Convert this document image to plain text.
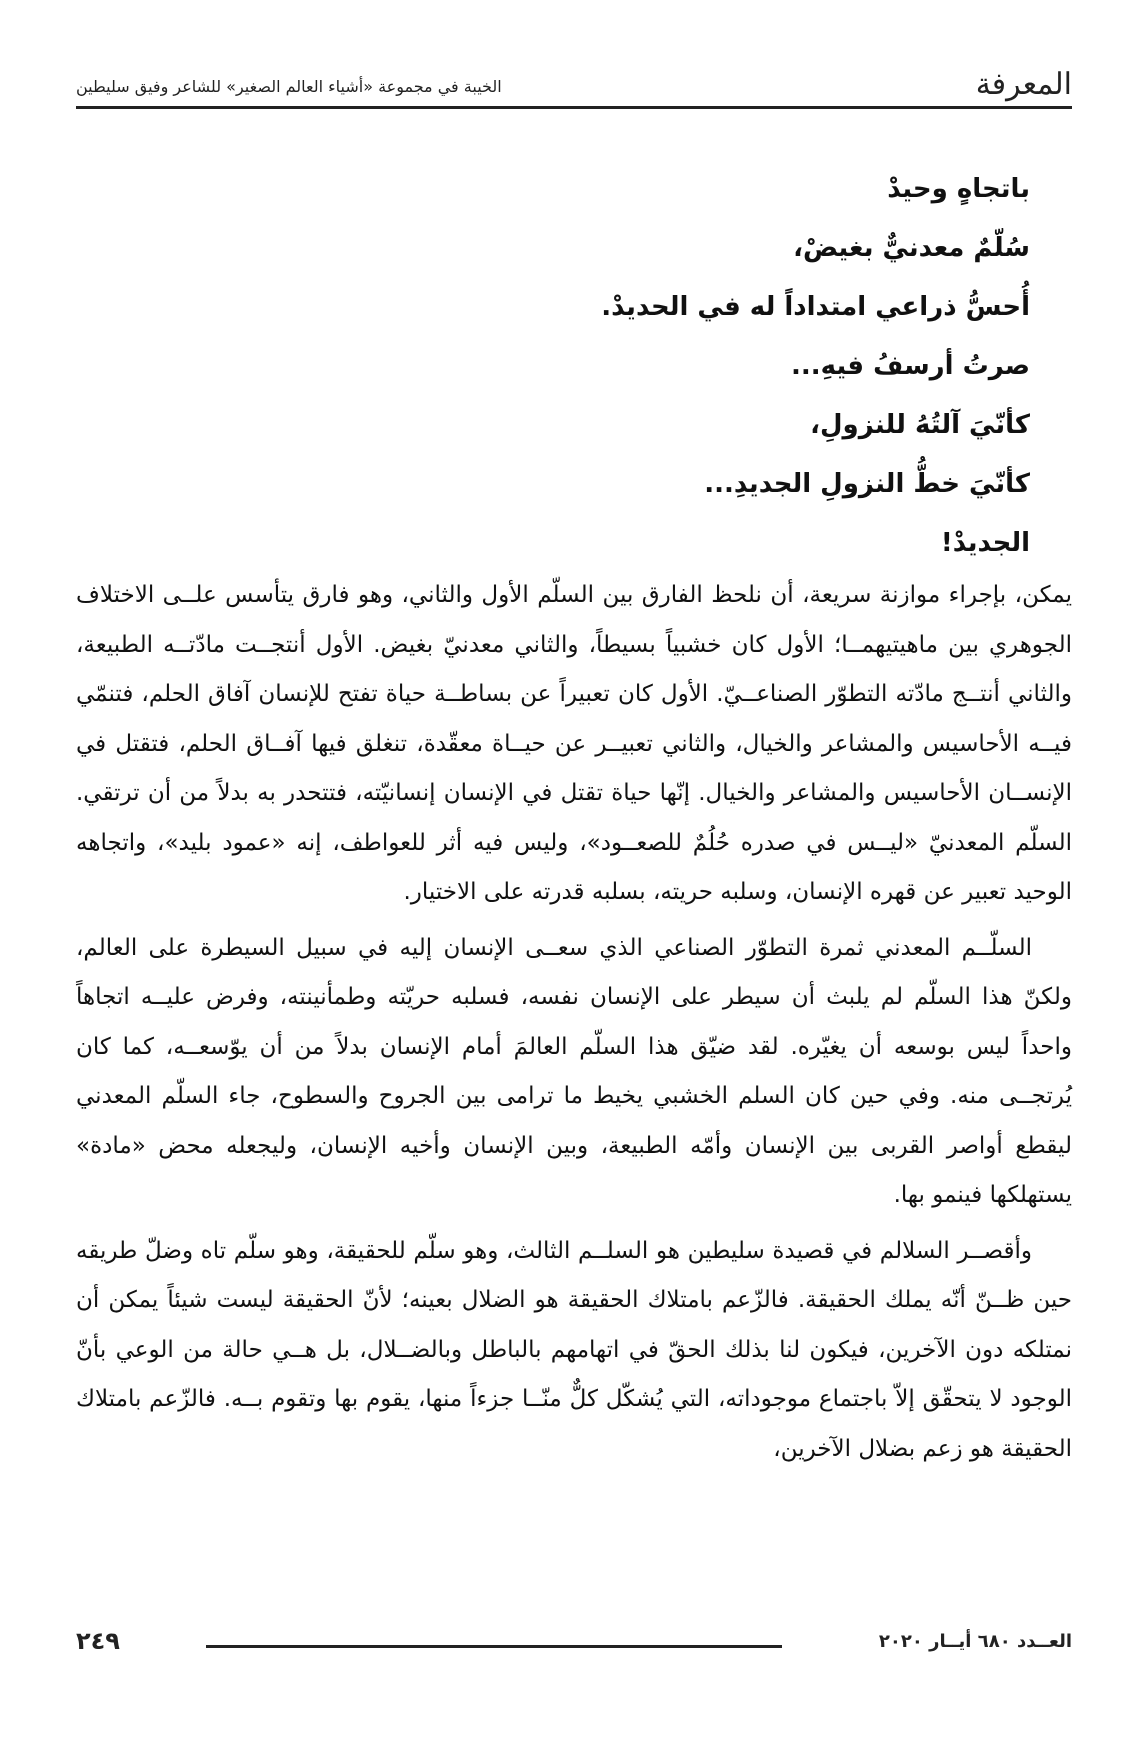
المعرفة
الخيبة في مجموعة «أشياء العالم الصغير» للشاعر وفيق سليطين
باتجاهٍ وحيدْ
سُلّمٌ معدنيٌّ بغيضْ،
أُحسُّ ذراعي امتداداً له في الحديدْ.
صرتُ أرسفُ فيهِ...
كأنّيَ آلتُهُ للنزولِ،
كأنّيَ خطُّ النزولِ الجديدِ...
الجديدْ!

يمكن، بإجراء موازنة سريعة، أن نلحظ الفارق بين السلّم الأول والثاني، وهو فارق يتأسس علــى الاختلاف الجوهري بين ماهيتيهمــا؛ الأول كان خشبياً بسيطاً، والثاني معدنيّ بغيض. الأول أنتجــت مادّتــه الطبيعة، والثاني أنتــج مادّته التطوّر الصناعــيّ. الأول كان تعبيراً عن بساطــة حياة تفتح للإنسان آفاق الحلم، فتنمّي فيــه الأحاسيس والمشاعر والخيال، والثاني تعبيــر عن حيــاة معقّدة، تنغلق فيها آفــاق الحلم، فتقتل في الإنســان الأحاسيس والمشاعر والخيال. إنّها حياة تقتل في الإنسان إنسانيّته، فتتحدر به بدلاً من أن ترتقي. السلّم المعدنيّ «ليــس في صدره حُلُمٌ للصعــود»، وليس فيه أثر للعواطف، إنه «عمود بليد»، واتجاهه الوحيد تعبير عن قهره الإنسان، وسلبه حريته، بسلبه قدرته على الاختيار.

السلّــم المعدني ثمرة التطوّر الصناعي الذي سعــى الإنسان إليه في سبيل السيطرة على العالم، ولكنّ هذا السلّم لم يلبث أن سيطر على الإنسان نفسه، فسلبه حريّته وطمأنينته، وفرض عليــه اتجاهاً واحداً ليس بوسعه أن يغيّره. لقد ضيّق هذا السلّم العالمَ أمام الإنسان بدلاً من أن يوّسعــه، كما كان يُرتجــى منه. وفي حين كان السلم الخشبي يخيط ما ترامى بين الجروح والسطوح، جاء السلّم المعدني ليقطع أواصر القربى بين الإنسان وأمّه الطبيعة، وبين الإنسان وأخيه الإنسان، وليجعله محض «مادة» يستهلكها فينمو بها.

وأقصــر السلالم في قصيدة سليطين هو السلــم الثالث، وهو سلّم للحقيقة، وهو سلّم تاه وضلّ طريقه حين ظــنّ أنّه يملك الحقيقة. فالزّعم بامتلاك الحقيقة هو الضلال بعينه؛ لأنّ الحقيقة ليست شيئاً يمكن أن نمتلكه دون الآخرين، فيكون لنا بذلك الحقّ في اتهامهم بالباطل وبالضــلال، بل هــي حالة من الوعي بأنّ الوجود لا يتحقّق إلاّ باجتماع موجوداته، التي يُشكّل كلٌّ منّــا جزءاً منها، يقوم بها وتقوم بــه. فالزّعم بامتلاك الحقيقة هو زعم بضلال الآخرين،

العــدد ٦٨٠ أيــار ٢٠٢٠
٢٤٩
